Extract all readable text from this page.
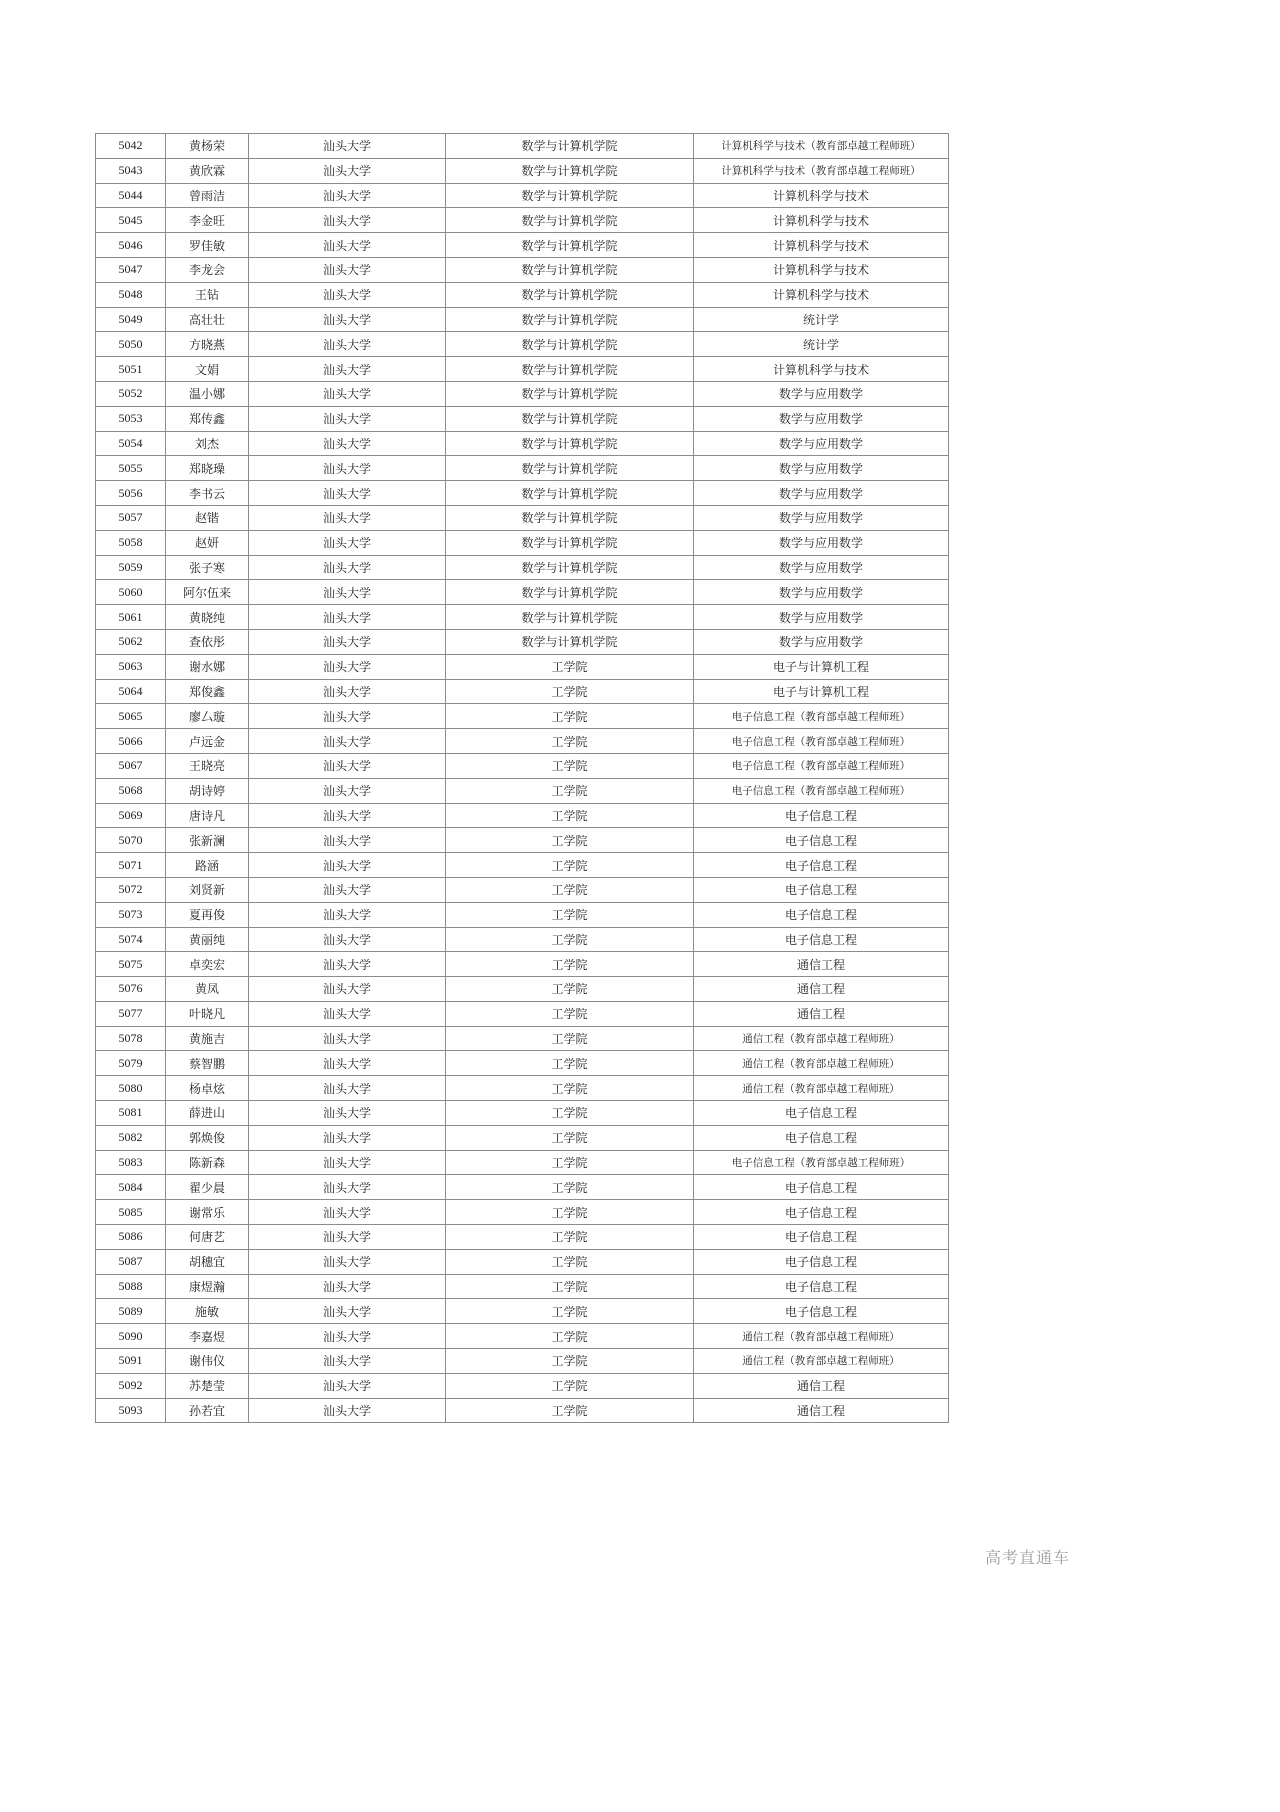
5042	黄杨荣	汕头大学	数学与计算机学院	计算机科学与技术（教育部卓越工程师班）
5043	黄欣霖	汕头大学	数学与计算机学院	计算机科学与技术（教育部卓越工程师班）
5044	曾雨洁	汕头大学	数学与计算机学院	计算机科学与技术
5045	李金旺	汕头大学	数学与计算机学院	计算机科学与技术
5046	罗佳敏	汕头大学	数学与计算机学院	计算机科学与技术
5047	李龙会	汕头大学	数学与计算机学院	计算机科学与技术
5048	王钻	汕头大学	数学与计算机学院	计算机科学与技术
5049	高壮壮	汕头大学	数学与计算机学院	统计学
5050	方晓燕	汕头大学	数学与计算机学院	统计学
5051	文娟	汕头大学	数学与计算机学院	计算机科学与技术
5052	温小娜	汕头大学	数学与计算机学院	数学与应用数学
5053	郑传鑫	汕头大学	数学与计算机学院	数学与应用数学
5054	刘杰	汕头大学	数学与计算机学院	数学与应用数学
5055	郑晓璪	汕头大学	数学与计算机学院	数学与应用数学
5056	李书云	汕头大学	数学与计算机学院	数学与应用数学
5057	赵锴	汕头大学	数学与计算机学院	数学与应用数学
5058	赵妍	汕头大学	数学与计算机学院	数学与应用数学
5059	张子寒	汕头大学	数学与计算机学院	数学与应用数学
5060	阿尔伍来	汕头大学	数学与计算机学院	数学与应用数学
5061	黄晓纯	汕头大学	数学与计算机学院	数学与应用数学
5062	查依彤	汕头大学	数学与计算机学院	数学与应用数学
5063	谢水娜	汕头大学	工学院	电子与计算机工程
5064	郑俊鑫	汕头大学	工学院	电子与计算机工程
5065	廖厶璇	汕头大学	工学院	电子信息工程（教育部卓越工程师班）
5066	卢远金	汕头大学	工学院	电子信息工程（教育部卓越工程师班）
5067	王晓亮	汕头大学	工学院	电子信息工程（教育部卓越工程师班）
5068	胡诗婷	汕头大学	工学院	电子信息工程（教育部卓越工程师班）
5069	唐诗凡	汕头大学	工学院	电子信息工程
5070	张新澜	汕头大学	工学院	电子信息工程
5071	路涵	汕头大学	工学院	电子信息工程
5072	刘贤新	汕头大学	工学院	电子信息工程
5073	夏再俊	汕头大学	工学院	电子信息工程
5074	黄丽纯	汕头大学	工学院	电子信息工程
5075	卓奕宏	汕头大学	工学院	通信工程
5076	黄凤	汕头大学	工学院	通信工程
5077	叶晓凡	汕头大学	工学院	通信工程
5078	黄施吉	汕头大学	工学院	通信工程（教育部卓越工程师班）
5079	蔡智鹏	汕头大学	工学院	通信工程（教育部卓越工程师班）
5080	杨卓炫	汕头大学	工学院	通信工程（教育部卓越工程师班）
5081	薛进山	汕头大学	工学院	电子信息工程
5082	郭焕俊	汕头大学	工学院	电子信息工程
5083	陈新森	汕头大学	工学院	电子信息工程（教育部卓越工程师班）
5084	翟少晨	汕头大学	工学院	电子信息工程
5085	谢常乐	汕头大学	工学院	电子信息工程
5086	何唐艺	汕头大学	工学院	电子信息工程
5087	胡穗宜	汕头大学	工学院	电子信息工程
5088	康煜瀚	汕头大学	工学院	电子信息工程
5089	施敏	汕头大学	工学院	电子信息工程
5090	李嘉煜	汕头大学	工学院	通信工程（教育部卓越工程师班）
5091	谢伟仪	汕头大学	工学院	通信工程（教育部卓越工程师班）
5092	苏楚莹	汕头大学	工学院	通信工程
5093	孙若宜	汕头大学	工学院	通信工程
高考直通车
